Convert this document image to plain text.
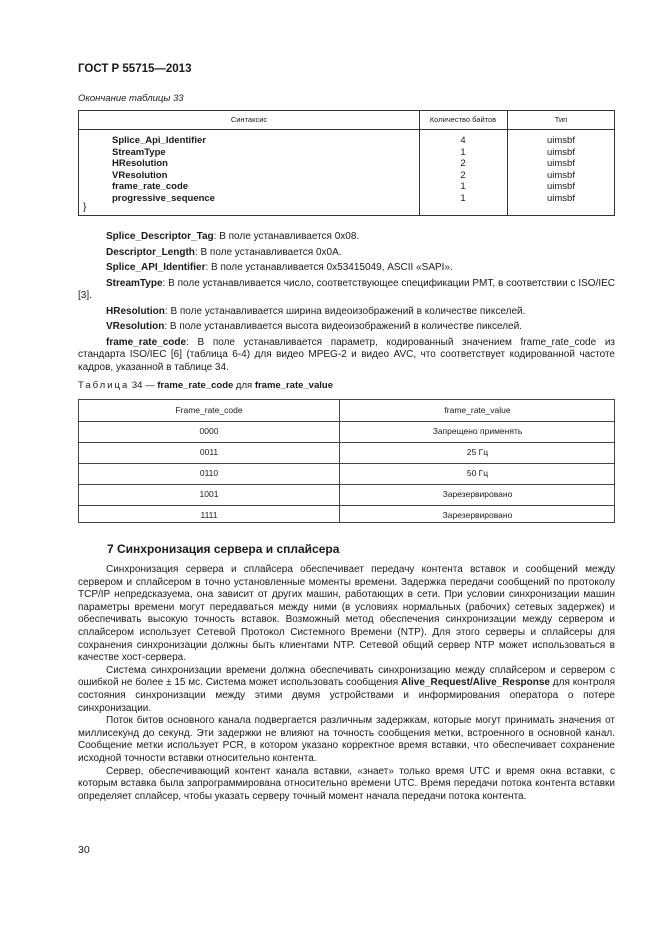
ГОСТ Р 55715—2013
Окончание таблицы 33
Синтаксис	Количество байтов	Тип
Splice_Api_Identifier	4	uimsbf
StreamType	1	uimsbf
HResolution	2	uimsbf
VResolution	2	uimsbf
frame_rate_code	1	uimsbf
progressive_sequence	1	uimsbf
}

Splice_Descriptor_Tag: В поле устанавливается 0х08.

Descriptor_Length: В поле устанавливается 0х0А.

Splice_API_Identifier: В поле устанавливается 0х53415049, ASCII «SAPI».

StreamType: В поле устанавливается число, соответствующее спецификации PMT, в соответствии с ISO/IEC [3].

HResolution: В поле устанавливается ширина видеоизображений в количестве пикселей.

VResolution: В поле устанавливается высота видеоизображений в количестве пикселей.

frame_rate_code: В поле устанавливается параметр, кодированный значением frame_rate_code из стандарта ISO/IEC [6] (таблица 6-4) для видео MPEG-2 и видео AVC, что соответствует кодированной частоте кадров, указанной в таблице 34.

Таблица 34 — frame_rate_code для frame_rate_value
Frame_rate_code	frame_rate_value
0000	Запрещено применять
0011	25 Гц
0110	50 Гц
1001	Зарезервировано
1111	Зарезервировано
7 Синхронизация сервера и сплайсера

Синхронизация сервера и сплайсера обеспечивает передачу контента вставок и сообщений между сервером и сплайсером в точно установленные моменты времени. Задержка передачи сообщений по протоколу TCP/IP непредсказуема, она зависит от других машин, работающих в сети. При условии синхронизации машин параметры времени могут передаваться между ними (в условиях нормальных (рабочих) сетевых задержек) и обеспечивать высокую точность вставок. Возможный метод обеспечения синхронизации между сервером и сплайсером использует Сетевой Протокол Системного Времени (NTP). Для этого серверы и сплайсеры для сохранения синхронизации должны быть клиентами NTP. Сетевой общий сервер NTP может использоваться в качестве хост-сервера.

Система синхронизации времени должна обеспечивать синхронизацию между сплайсером и сервером с ошибкой не более ± 15 мс. Система может использовать сообщения Alive_Request/Alive_Response для контроля состояния синхронизации между этими двумя устройствами и информирования оператора о потере синхронизации.

Поток битов основного канала подвергается различным задержкам, которые могут принимать значения от миллисекунд до секунд. Эти задержки не влияют на точность сообщения метки, встроенного в основной канал. Сообщение метки использует PCR, в котором указано корректное время вставки, что обеспечивает сохранение исходной точности вставки относительно контента.

Сервер, обеспечивающий контент канала вставки, «знает» только время UTC и время окна вставки, с которым вставка была запрограммирована относительно времени UTC. Время передачи потока контента вставки определяет сплайсер, чтобы указать серверу точный момент начала передачи потока контента.

30
